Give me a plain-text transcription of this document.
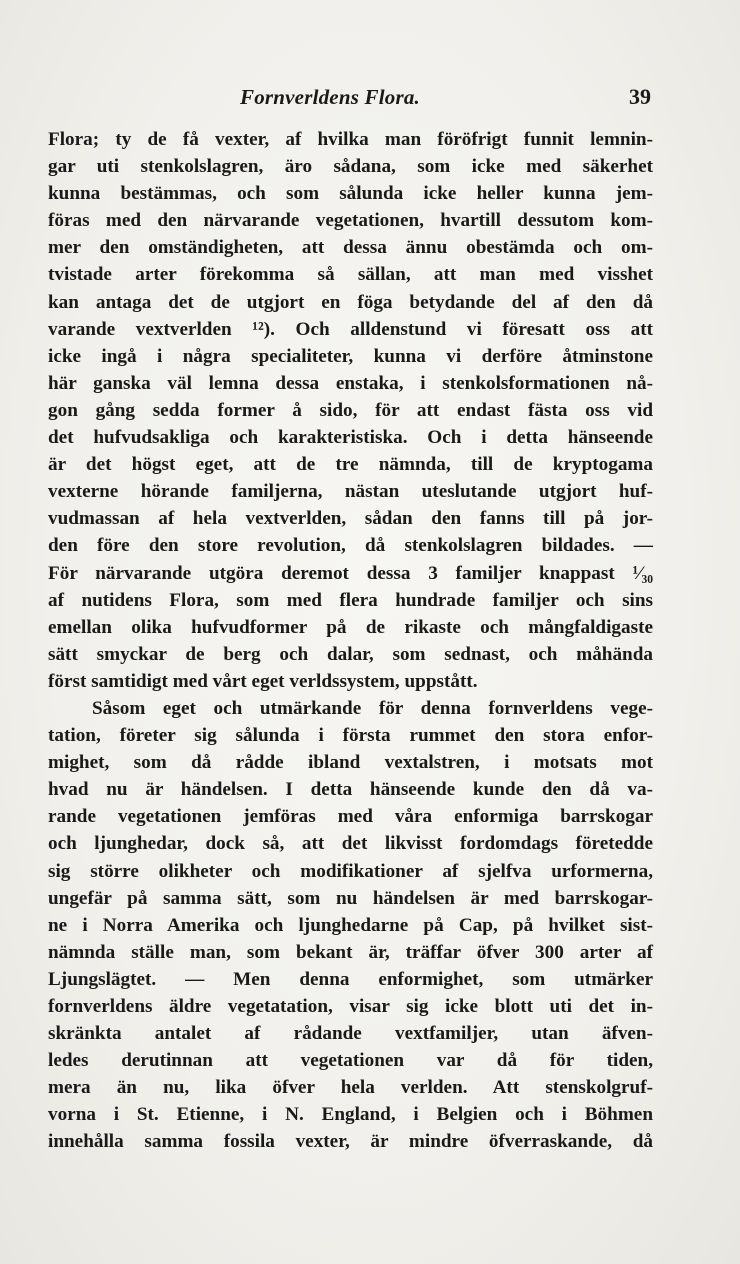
Fornverldens Flora.	39
Flora; ty de få vexter, af hvilka man föröfrigt funnit lemnin-
gar uti stenkolslagren, äro sådana, som icke med säkerhet
kunna bestämmas, och som sålunda icke heller kunna jem-
föras med den närvarande vegetationen, hvartill dessutom kom-
mer den omständigheten, att dessa ännu obestämda och om-
tvistade arter förekomma så sällan, att man med visshet
kan antaga det de utgjort en föga betydande del af den då
varande vextverlden ¹²). Och alldenstund vi föresatt oss att
icke ingå i några specialiteter, kunna vi derföre åtminstone
här ganska väl lemna dessa enstaka, i stenkolsformationen nå-
gon gång sedda former å sido, för att endast fästa oss vid
det hufvudsakliga och karakteristiska. Och i detta hänseende
är det högst eget, att de tre nämnda, till de kryptogama
vexterne hörande familjerna, nästan uteslutande utgjort huf-
vudmassan af hela vextverlden, sådan den fanns till på jor-
den före den store revolution, då stenkolslagren bildades. —
För närvarande utgöra deremot dessa 3 familjer knappast ¹⁄₃₀
af nutidens Flora, som med flera hundrade familjer och sins
emellan olika hufvudformer på de rikaste och mångfaldigaste
sätt smyckar de berg och dalar, som sednast, och måhända
först samtidigt med vårt eget verldssystem, uppstått.
Såsom eget och utmärkande för denna fornverldens vege-
tation, företer sig sålunda i första rummet den stora enfor-
mighet, som då rådde ibland vextalstren, i motsats mot
hvad nu är händelsen. I detta hänseende kunde den då va-
rande vegetationen jemföras med våra enformiga barrskogar
och ljunghedar, dock så, att det likvisst fordomdags företedde
sig större olikheter och modifikationer af sjelfva urformerna,
ungefär på samma sätt, som nu händelsen är med barrskogar-
ne i Norra Amerika och ljunghedarne på Cap, på hvilket sist-
nämnda ställe man, som bekant är, träffar öfver 300 arter af
Ljungslägtet. — Men denna enformighet, som utmärker
fornverldens äldre vegetatation, visar sig icke blott uti det in-
skränkta antalet af rådande vextfamiljer, utan äfven-
ledes derutinnan att vegetationen var då för tiden,
mera än nu, lika öfver hela verlden. Att stenskolgruf-
vorna i St. Etienne, i N. England, i Belgien och i Böhmen
innehålla samma fossila vexter, är mindre öfverraskande, då
